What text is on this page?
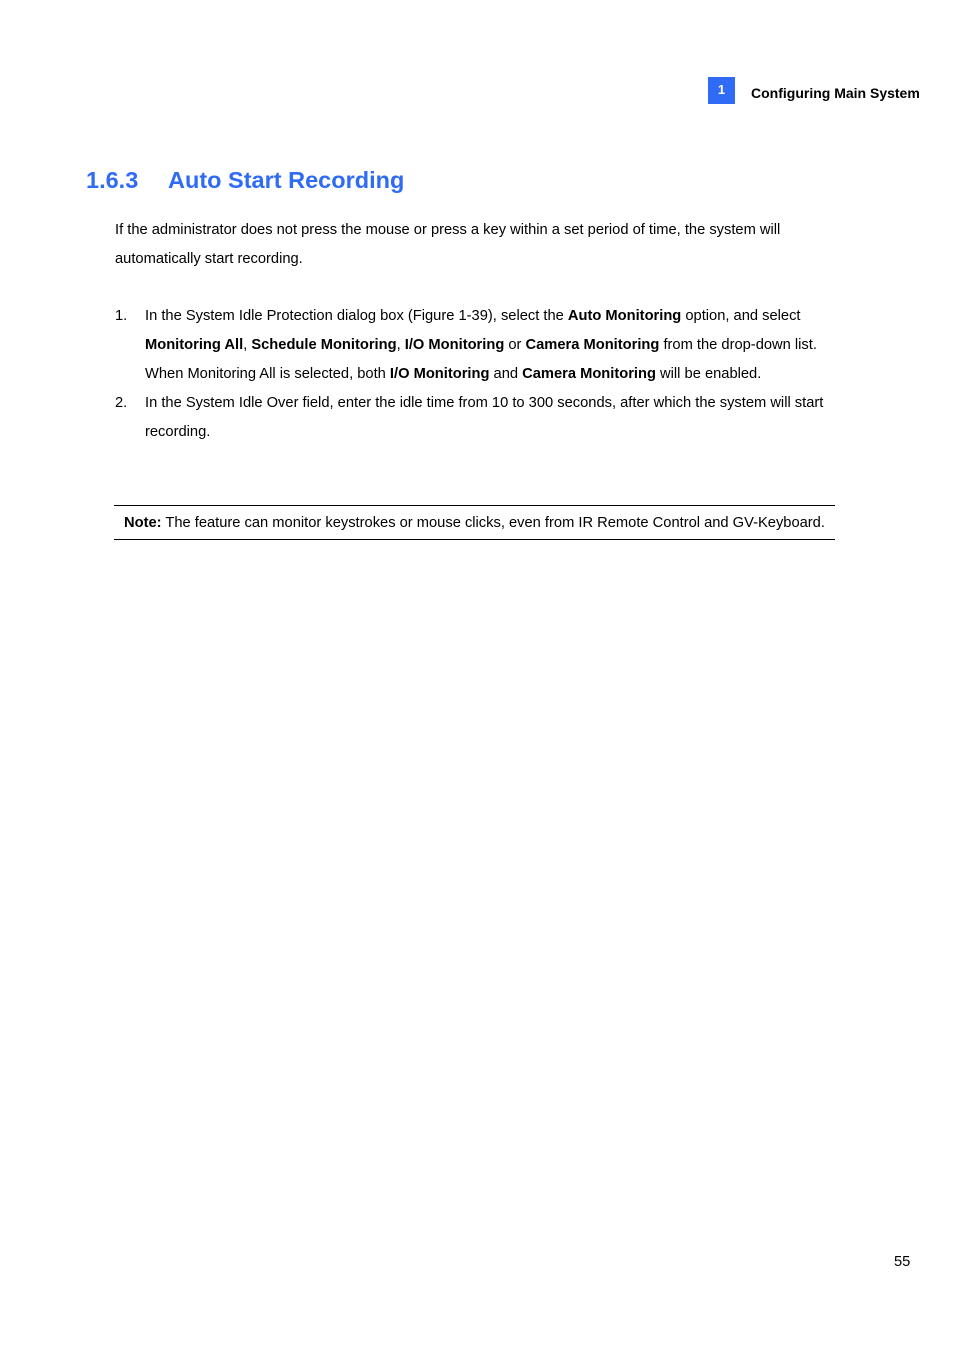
1	Configuring Main System
1.6.3 Auto Start Recording

If the administrator does not press the mouse or press a key within a set period of time, the system will automatically start recording.

1. In the System Idle Protection dialog box (Figure 1-39), select the Auto Monitoring option, and select Monitoring All, Schedule Monitoring, I/O Monitoring or Camera Monitoring from the drop-down list. When Monitoring All is selected, both I/O Monitoring and Camera Monitoring will be enabled.
2. In the System Idle Over field, enter the idle time from 10 to 300 seconds, after which the system will start recording.
Note: The feature can monitor keystrokes or mouse clicks, even from IR Remote Control and GV-Keyboard.
55
